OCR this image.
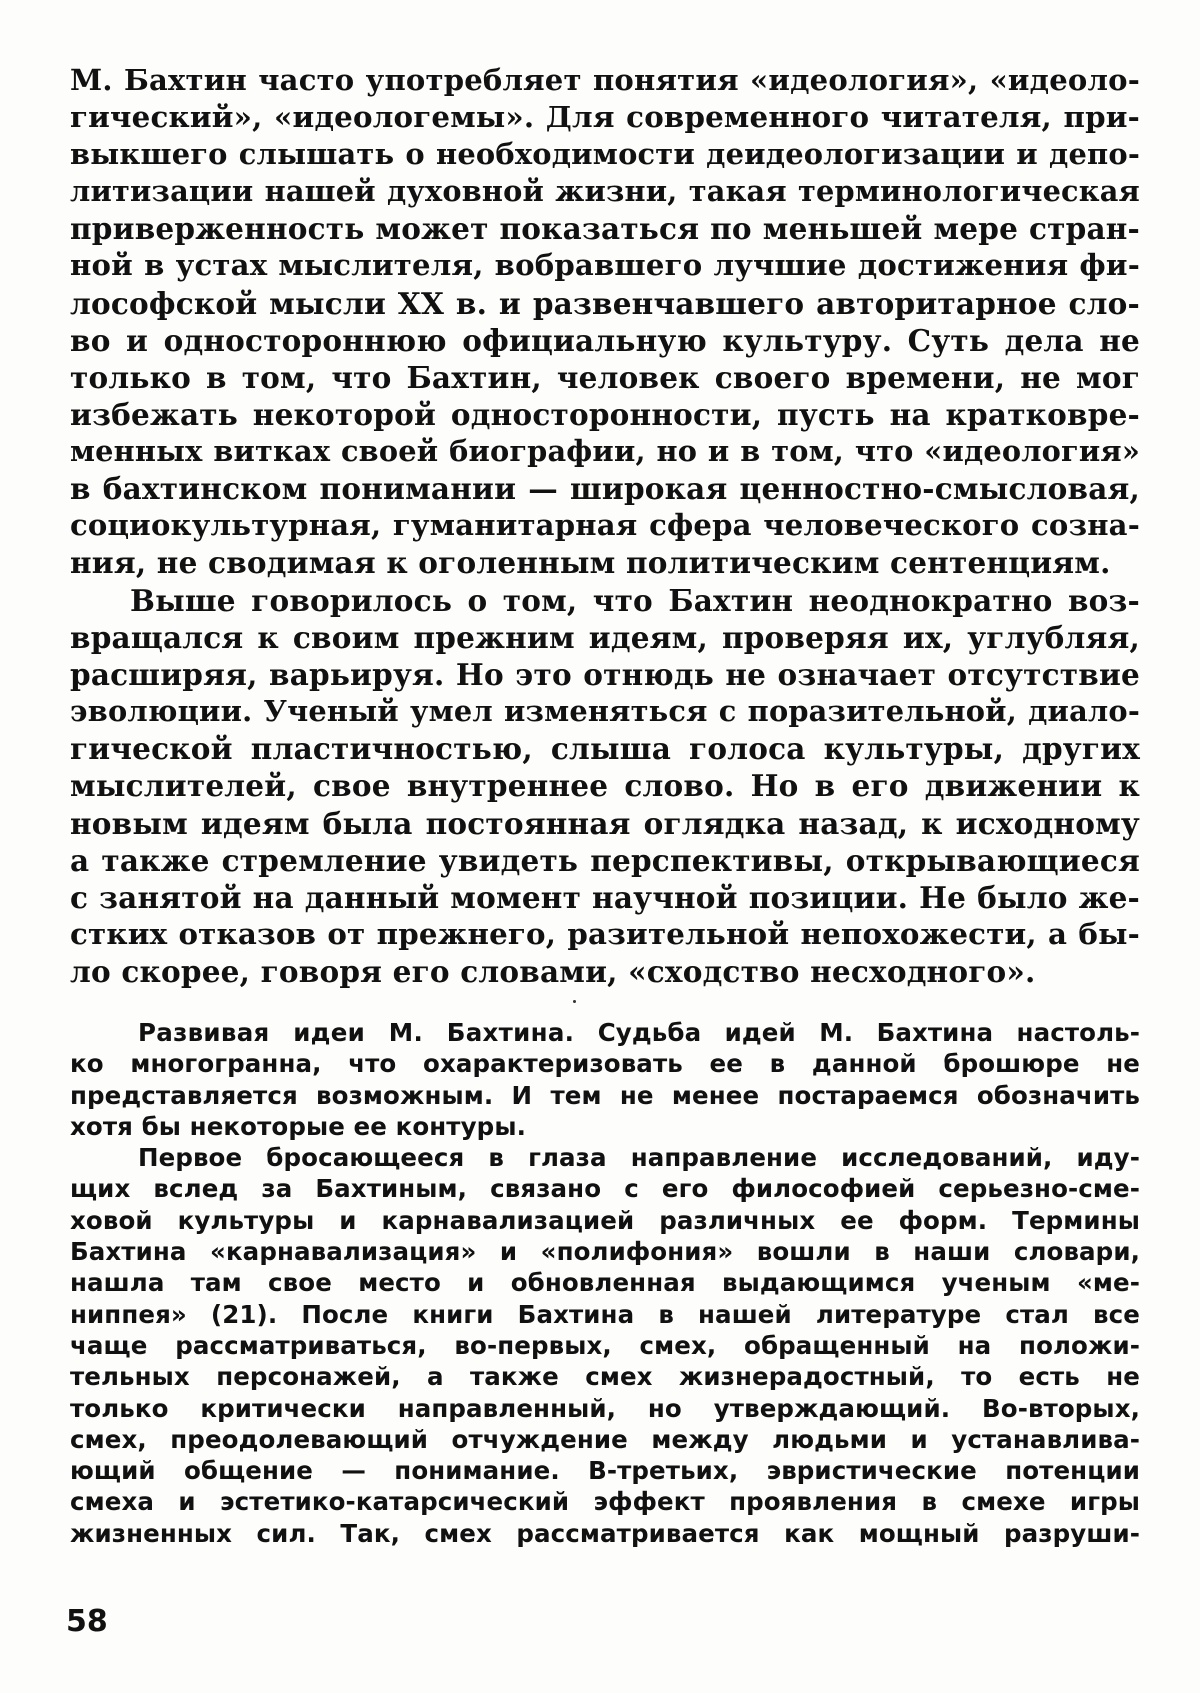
М. Бахтин часто употребляет понятия «идеология», «идеоло-
гический», «идеологемы». Для современного читателя, при-
выкшего слышать о необходимости деидеологизации и депо-
литизации нашей духовной жизни, такая терминологическая
приверженность может показаться по меньшей мере стран-
ной в устах мыслителя, вобравшего лучшие достижения фи-
лософской мысли XX в. и развенчавшего авторитарное сло-
во и одностороннюю официальную культуру. Суть дела не
только в том, что Бахтин, человек своего времени, не мог
избежать некоторой односторонности, пусть на кратковре-
менных витках своей биографии, но и в том, что «идеология»
в бахтинском понимании — широкая ценностно-смысловая,
социокультурная, гуманитарная сфера человеческого созна-
ния, не сводимая к оголенным политическим сентенциям.
Выше говорилось о том, что Бахтин неоднократно воз-
вращался к своим прежним идеям, проверяя их, углубляя,
расширяя, варьируя. Но это отнюдь не означает отсутствие
эволюции. Ученый умел изменяться с поразительной, диало-
гической пластичностью, слыша голоса культуры, других
мыслителей, свое внутреннее слово. Но в его движении к
новым идеям была постоянная оглядка назад, к исходному
а также стремление увидеть перспективы, открывающиеся
с занятой на данный момент научной позиции. Не было же-
стких отказов от прежнего, разительной непохожести, а бы-
ло скорее, говоря его словами, «сходство несходного».
Развивая идеи М. Бахтина. Судьба идей М. Бахтина настоль-
ко многогранна, что охарактеризовать ее в данной брошюре не
представляется возможным. И тем не менее постараемся обозначить
хотя бы некоторые ее контуры.
Первое бросающееся в глаза направление исследований, иду-
щих вслед за Бахтиным, связано с его философией серьезно-сме-
ховой культуры и карнавализацией различных ее форм. Термины
Бахтина «карнавализация» и «полифония» вошли в наши словари,
нашла там свое место и обновленная выдающимся ученым «ме-
ниппея» (21). После книги Бахтина в нашей литературе стал все
чаще рассматриваться, во-первых, смех, обращенный на положи-
тельных персонажей, а также смех жизнерадостный, то есть не
только критически направленный, но утверждающий. Во-вторых,
смех, преодолевающий отчуждение между людьми и устанавлива-
ющий общение — понимание. В-третьих, эвристические потенции
смеха и эстетико-катарсический эффект проявления в смехе игры
жизненных сил. Так, смех рассматривается как мощный разруши-
58
